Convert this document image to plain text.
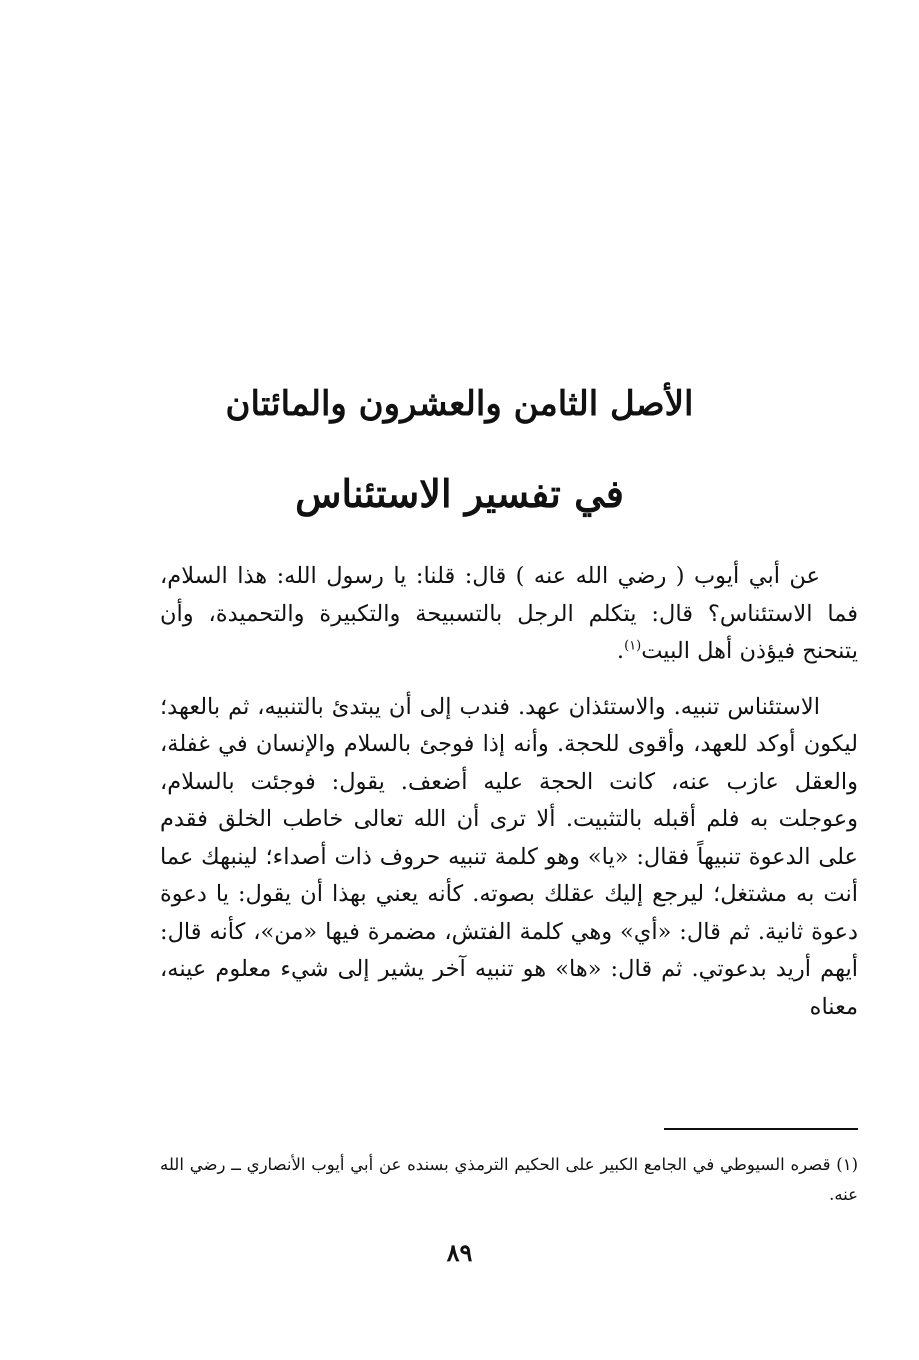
الأصل الثامن والعشرون والمائتان
في تفسير الاستئناس

عن أبي أيوب ( رضي الله عنه ) قال: قلنا: يا رسول الله: هذا السلام، فما الاستئناس؟ قال: يتكلم الرجل بالتسبيحة والتكبيرة والتحميدة، وأن يتنحنح فيؤذن أهل البيت$^{(١)}$.

الاستئناس تنبيه. والاستئذان عهد. فندب إلى أن يبتدئ بالتنبيه، ثم بالعهد؛ ليكون أوكد للعهد، وأقوى للحجة. وأنه إذا فوجئ بالسلام والإنسان في غفلة، والعقل عازب عنه، كانت الحجة عليه أضعف. يقول: فوجئت بالسلام، وعوجلت به فلم أقبله بالتثبيت. ألا ترى أن الله تعالى خاطب الخلق فقدم على الدعوة تنبيهاً فقال: «يا» وهو كلمة تنبيه حروف ذات أصداء؛ لينبهك عما أنت به مشتغل؛ ليرجع إليك عقلك بصوته. كأنه يعني بهذا أن يقول: يا دعوة دعوة ثانية. ثم قال: «أي» وهي كلمة الفتش، مضمرة فيها «من»، كأنه قال: أيهم أريد بدعوتي. ثم قال: «ها» هو تنبيه آخر يشير إلى شيء معلوم عينه، معناه

(١) قصره السيوطي في الجامع الكبير على الحكيم الترمذي بسنده عن أبي أيوب الأنصاري ــ رضي الله عنه.

٨٩
